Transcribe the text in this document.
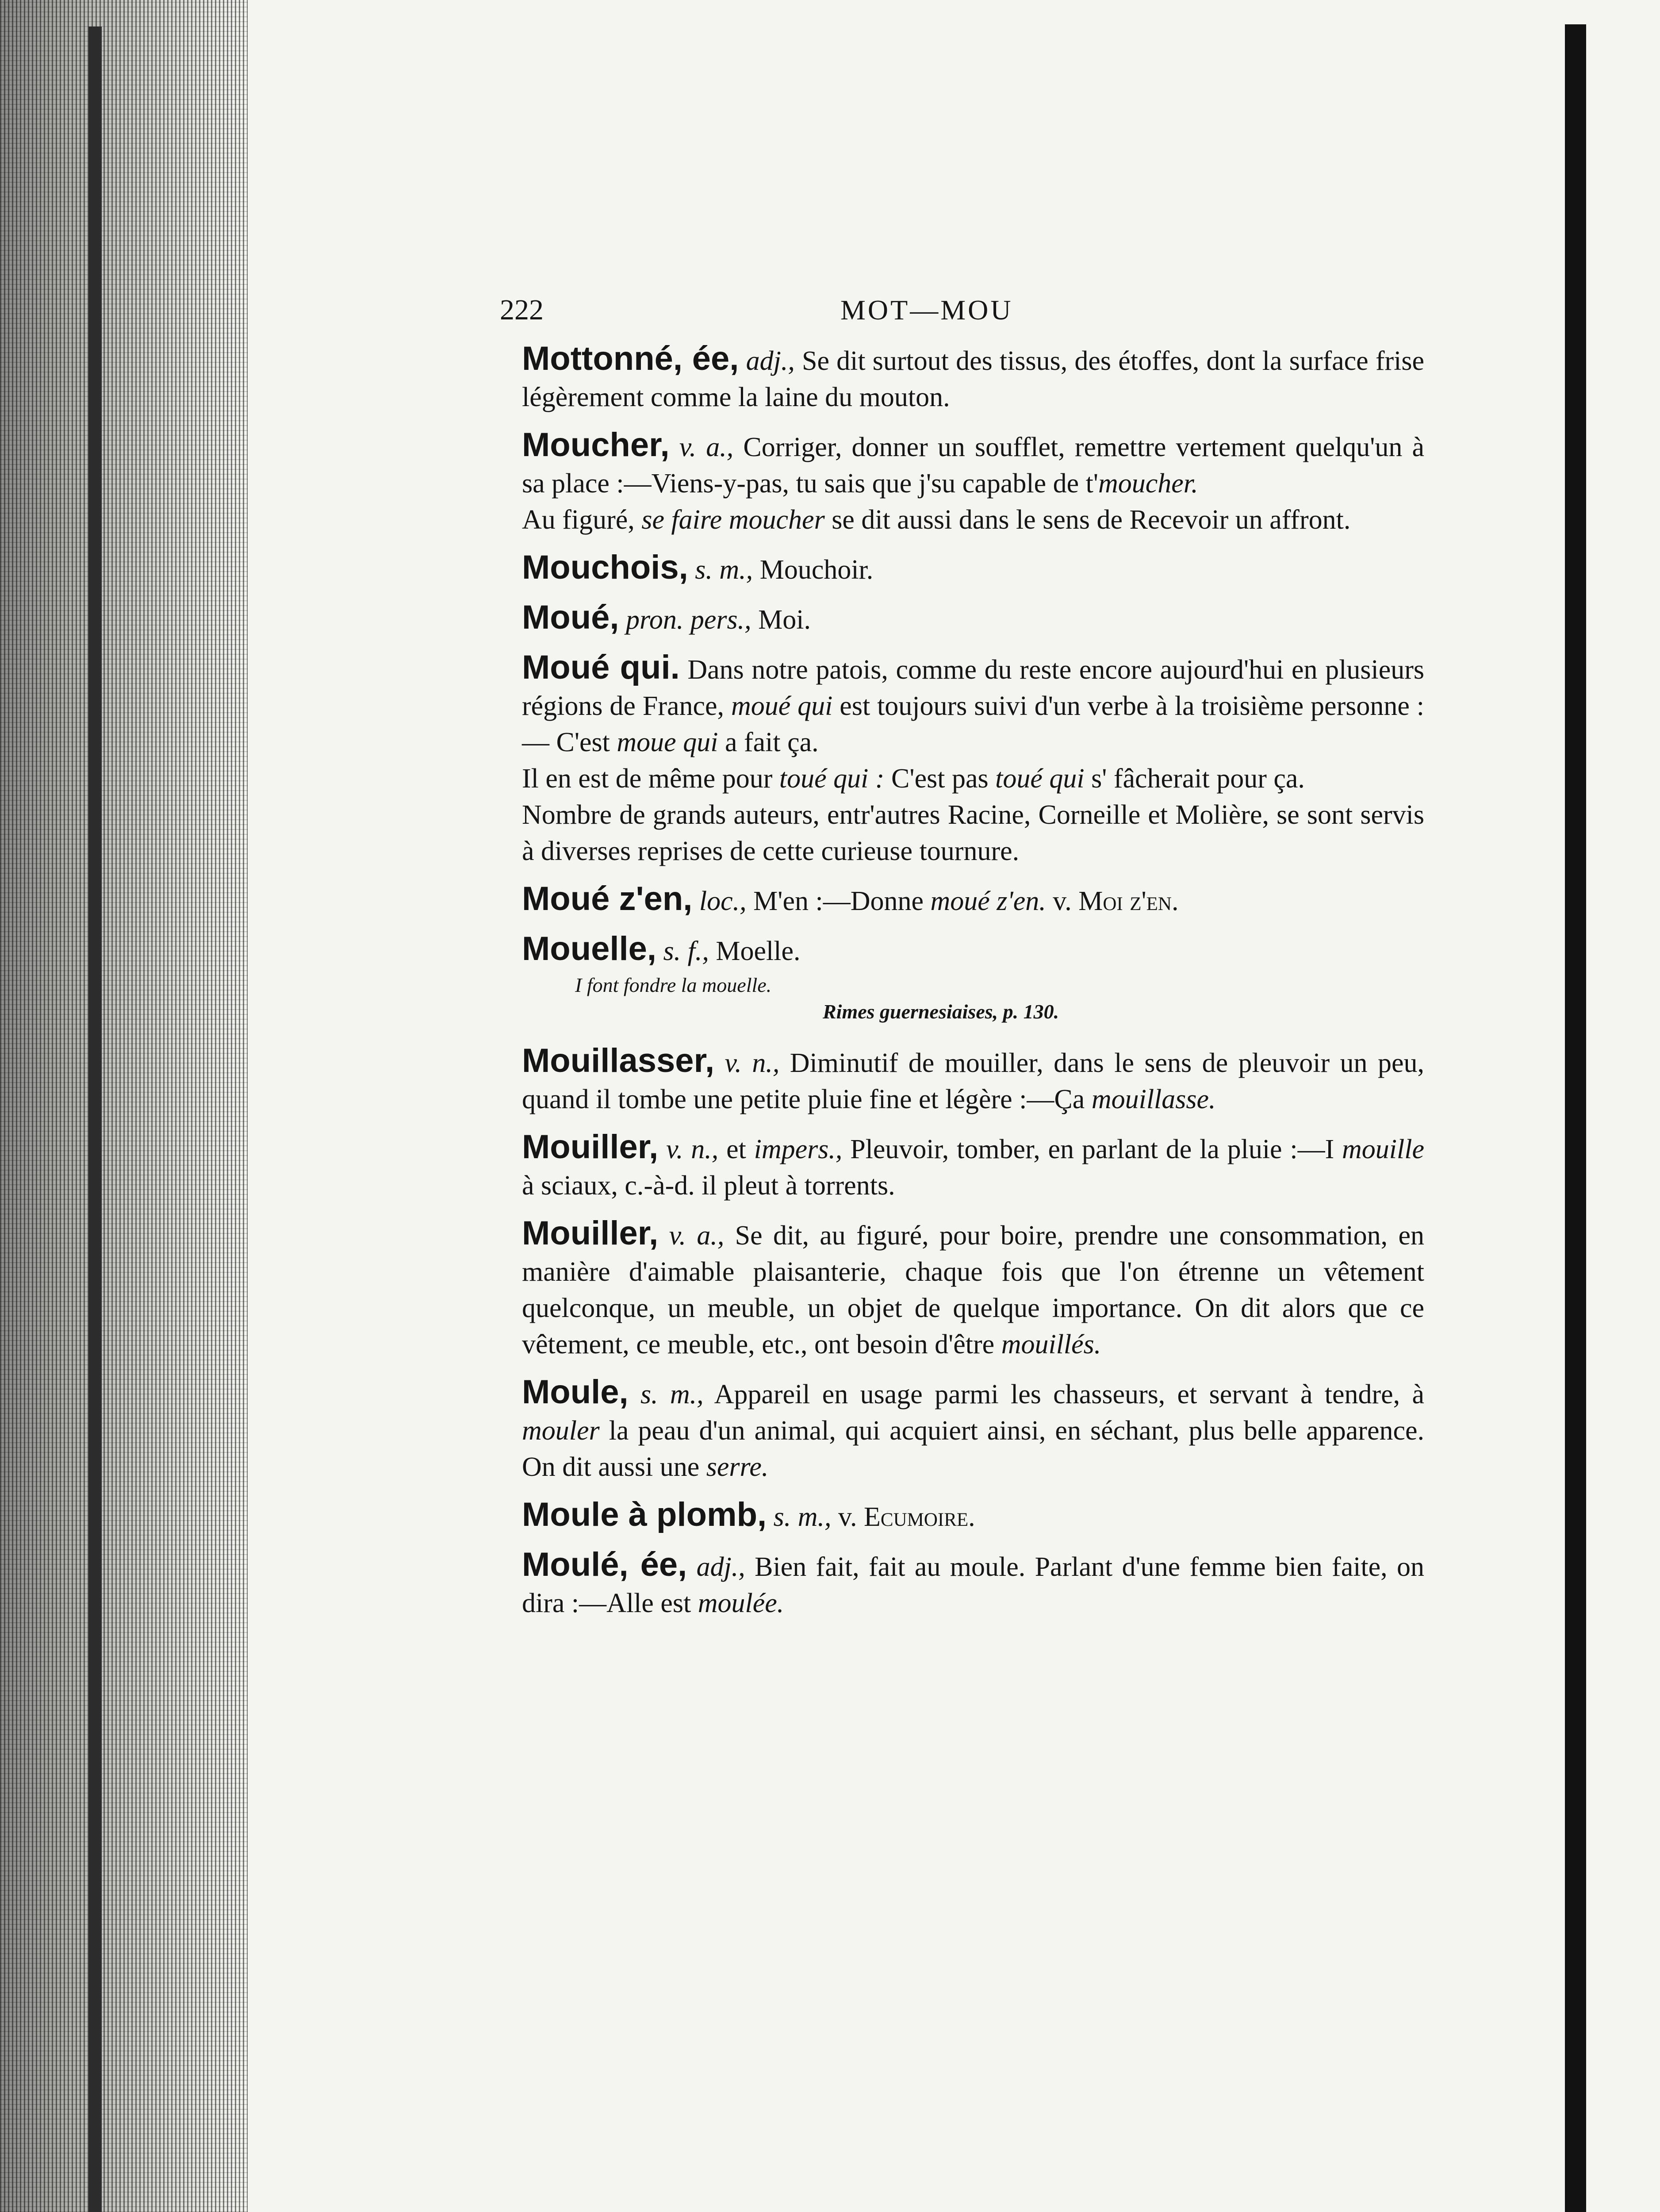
222	MOT—MOU

Mottonné, ée, adj., Se dit surtout des tissus, des étoffes, dont la surface frise légèrement comme la laine du mouton.

Moucher, v. a., Corriger, donner un soufflet, remettre vertement quelqu'un à sa place :—Viens-y-pas, tu sais que j'su capable de t'moucher.

Au figuré, se faire moucher se dit aussi dans le sens de Recevoir un affront.

Mouchois, s. m., Mouchoir.

Moué, pron. pers., Moi.

Moué qui. Dans notre patois, comme du reste encore aujourd'hui en plusieurs régions de France, moué qui est toujours suivi d'un verbe à la troisième personne :— C'est moue qui a fait ça.

Il en est de même pour toué qui : C'est pas toué qui s' fâcherait pour ça.

Nombre de grands auteurs, entr'autres Racine, Corneille et Molière, se sont servis à diverses reprises de cette curieuse tournure.

Moué z'en, loc., M'en :—Donne moué z'en. v. Moi z'en.

Mouelle, s. f., Moelle.

I font fondre la mouelle.
Rimes guernesiaises, p. 130.

Mouillasser, v. n., Diminutif de mouiller, dans le sens de pleuvoir un peu, quand il tombe une petite pluie fine et légère :—Ça mouillasse.

Mouiller, v. n., et impers., Pleuvoir, tomber, en parlant de la pluie :—I mouille à sciaux, c.-à-d. il pleut à torrents.

Mouiller, v. a., Se dit, au figuré, pour boire, prendre une consommation, en manière d'aimable plaisanterie, chaque fois que l'on étrenne un vêtement quelconque, un meuble, un objet de quelque importance. On dit alors que ce vêtement, ce meuble, etc., ont besoin d'être mouillés.

Moule, s. m., Appareil en usage parmi les chasseurs, et servant à tendre, à mouler la peau d'un animal, qui acquiert ainsi, en séchant, plus belle apparence. On dit aussi une serre.

Moule à plomb, s. m., v. Ecumoire.

Moulé, ée, adj., Bien fait, fait au moule. Parlant d'une femme bien faite, on dira :—Alle est moulée.
